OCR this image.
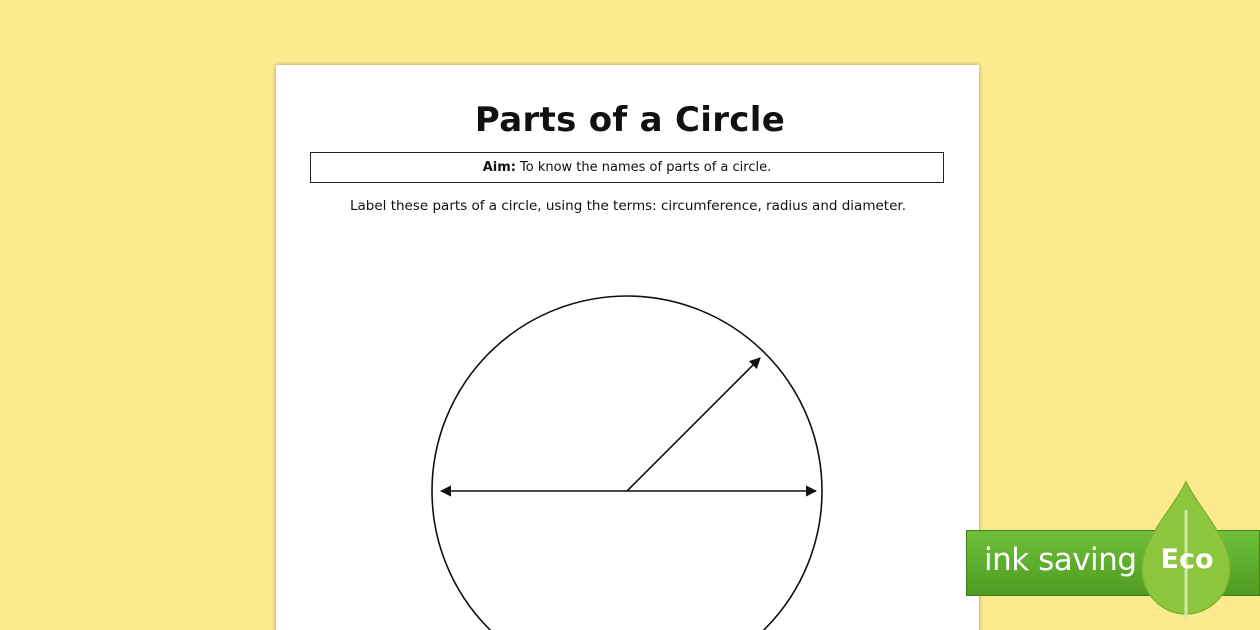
Parts of a Circle
Aim: To know the names of parts of a circle.
Label these parts of a circle, using the terms: circumference, radius and diameter.
ink saving Eco
